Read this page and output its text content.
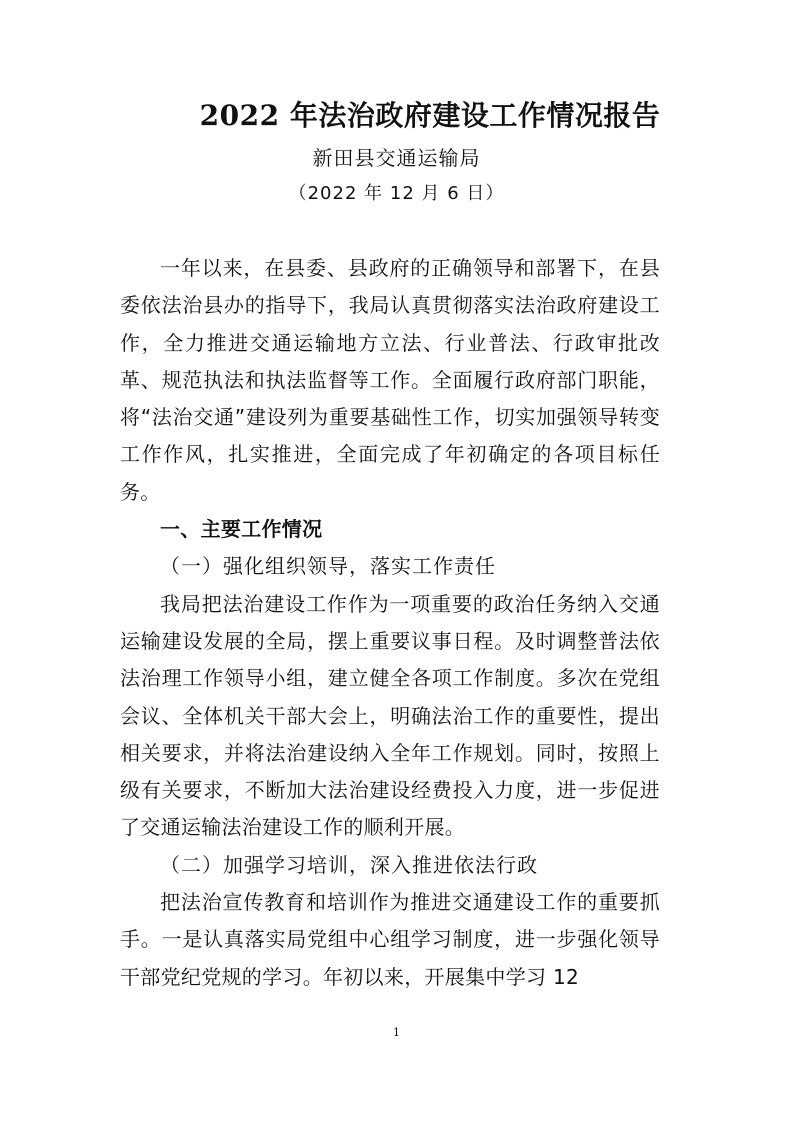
2022 年法治政府建设工作情况报告
新田县交通运输局
（2022 年 12 月 6 日）

一年以来，在县委、县政府的正确领导和部署下，在县委依法治县办的指导下，我局认真贯彻落实法治政府建设工作，全力推进交通运输地方立法、行业普法、行政审批改革、规范执法和执法监督等工作。全面履行政府部门职能，将“法治交通”建设列为重要基础性工作，切实加强领导转变工作作风，扎实推进，全面完成了年初确定的各项目标任务。

一、主要工作情况

（一）强化组织领导，落实工作责任

我局把法治建设工作作为一项重要的政治任务纳入交通运输建设发展的全局，摆上重要议事日程。及时调整普法依法治理工作领导小组，建立健全各项工作制度。多次在党组会议、全体机关干部大会上，明确法治工作的重要性，提出相关要求，并将法治建设纳入全年工作规划。同时，按照上级有关要求，不断加大法治建设经费投入力度，进一步促进了交通运输法治建设工作的顺利开展。

（二）加强学习培训，深入推进依法行政

把法治宣传教育和培训作为推进交通建设工作的重要抓手。一是认真落实局党组中心组学习制度，进一步强化领导干部党纪党规的学习。年初以来，开展集中学习 12

1
